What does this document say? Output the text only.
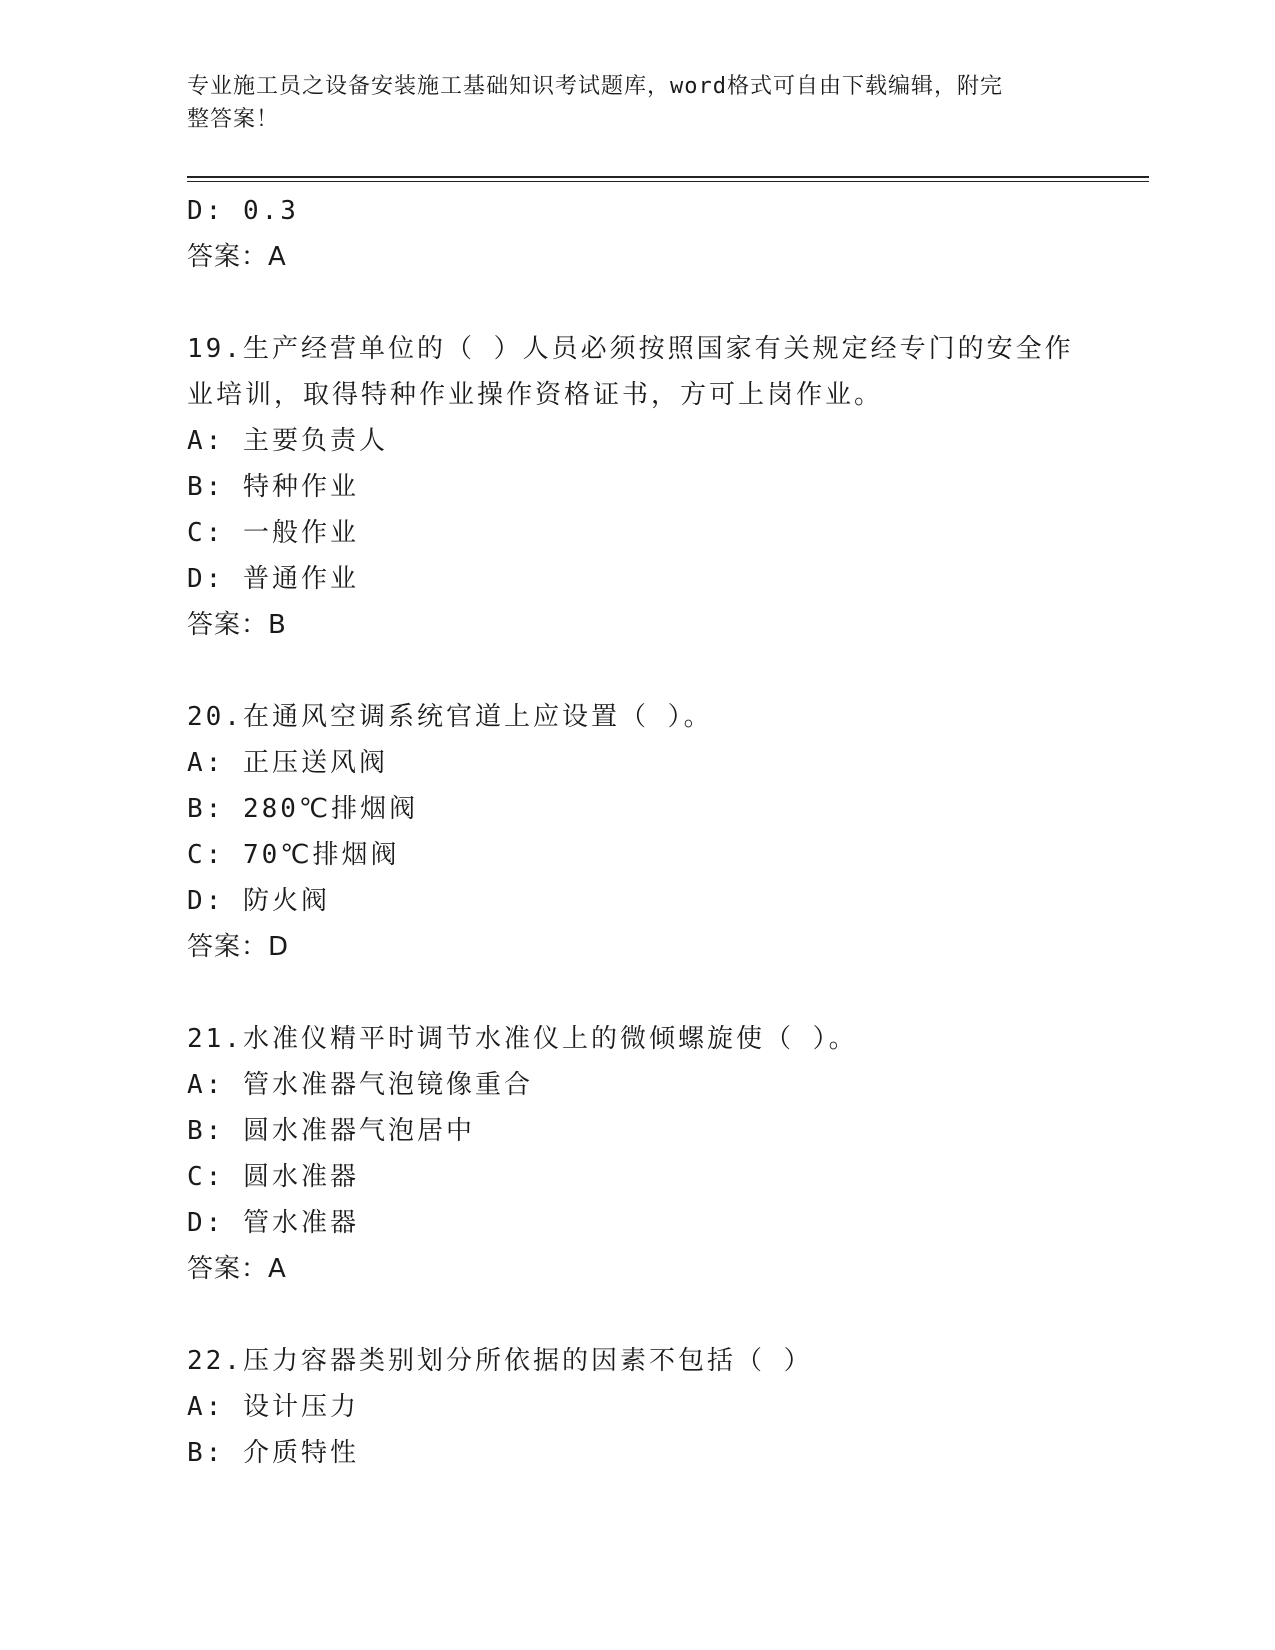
专业施工员之设备安装施工基础知识考试题库，word格式可自由下载编辑，附完
整答案！
D: 0.3
答案：A
19.生产经营单位的（ ）人员必须按照国家有关规定经专门的安全作
业培训，取得特种作业操作资格证书，方可上岗作业。
A: 主要负责人
B: 特种作业
C: 一般作业
D: 普通作业
答案：B
20.在通风空调系统官道上应设置（ ）。
A: 正压送风阀
B: 280℃排烟阀
C: 70℃排烟阀
D: 防火阀
答案：D
21.水准仪精平时调节水准仪上的微倾螺旋使（ ）。
A: 管水准器气泡镜像重合
B: 圆水准器气泡居中
C: 圆水准器
D: 管水准器
答案：A
22.压力容器类别划分所依据的因素不包括（ ）
A: 设计压力
B: 介质特性
